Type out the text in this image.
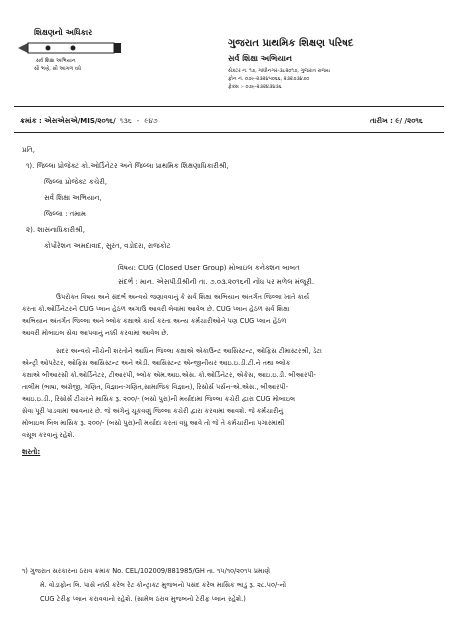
શિક્ષણનો અધિકાર
સર્વ શિક્ષા અભિયાન
સૌ ભણે, સૌ આગળ વધે
ગુજરાત પ્રાથમિક શિક્ષણ પરિષદ
સર્વ શિક્ષા અભિયાન
સેક્ટર નં. ૧૭, ગાંધીનગર-૩૮૨૦૧૭, ગુજરાત રાજ્ય
ફોન નં. ૦૭૯-૨૩૨૪૫૦૬૬, ૨૩૨૭૩૪૭૦
ફેક્સ :- ૦૭૯-૨૩૨૪૩૪૩૬
ક્રમાંક : એસએસએ/MIS/૨૦૧૬/ ૧૩૬ - ૯૪૭	તારીખ : ૯/ /૨૦૧૬
પ્રતિ,
૧). જિલ્લા પ્રોજેક્ટ કો.ઓર્ડિનેટર અને જિલ્લા પ્રાથમિક શિક્ષણાધિકારીશ્રી,
જિલ્લા પ્રોજેક્ટ કચેરી,
સર્વ શિક્ષા અભિયાન,
જિલ્લા : તમામ
૨). શાસનાધિકારીશ્રી,
કોર્પોરેશન અમદાવાદ, સુરત, વડોદરા, રાજકોટ
વિષય: CUG (Closed User Group) મોબાઇલ કનેક્શન બાબત
સંદર્ભ : માન. એસપીડીશ્રીની તા. ૭.૦૩.૨૦૧૬ની નોંધ પર મળેલ મંજૂરી.
ઉપરોક્ત વિષય અને સંદર્ભ અન્વયે જણાવવાનું કે સર્વ શિક્ષા અભિયાન અંતર્ગત જિલ્લા ખાતે કાર્ય
કરતા કો.ઓર્ડિનેટરને CUG પ્લાન હેઠળ અગાઉ આવરી લેવામાં આવેલ છે. CUG પ્લાન હેઠળ સર્વ શિક્ષા
અભિયાન અંતર્ગત જિલ્લા અને બ્લોક કક્ષાએ કાર્ય કરતા અન્ય કર્મચારીઓને પણ CUG પ્લાન હેઠળ
આવરી મોબાઇલ સેવા આપવાનું નક્કી કરવામાં આવેલ છે.
સદર અન્વયે નીચેની શરતોને આધિન જિલ્લા કક્ષાએ એકાઉન્ટ આસિસ્ટન્ટ, ઓફિસ ટીમાસ્ટરશ્રી, ડેટા
એન્ટ્રી ઓપરેટર, ઓફિસ આસિસ્ટન્ટ અને એડી. આસિસ્ટન્ટ એન્જીનીયર આઇ.ઇ.ડી.ટી.ને તથા બ્લોક
કક્ષાએ બીઆરસી કો.ઓર્ડિનેટર, ટીઆરપી, બ્લોક એમ.આઇ.એસ. કો.ઓર્ડિનેટર, એકેસ, આઇ.ઇ.ડી. બીઆરપી-
તાલીમ (ભાષા, અંગ્રેજી, ગણિત, વિજ્ઞાન-ગણિત,સામાજિક વિજ્ઞાન), રિસોર્સ પર્સન-એ.એસ., બીઆરપી-
આઇ.ઇ.ડી., રિસોર્સ ટીચરને માસિક રૂ. ૨૦૦/- (બસો પુરા)ની મર્યાદામાં જિલ્લા કચેરી દ્વારા CUG મોબાઇલ
સેવા પૂરી પાડવામાં આવનાર છે. જે અંગેનું ચૂકવણું જિલ્લા કચેરી દ્વારા કરવામાં આવશે. જે કર્મચારીનું
મોબાઇલ બિલ માસિક રૂ. ૨૦૦/- (બસો પુરા)ની મર્યાદા કરતાં વધુ આવે તો જે તે કર્મચારીના પગારમાંથી
વસૂલ કરવાનું રહેશે.
શરતો:
૧) ગુજરાત સરકારના ઠરાવ ક્રમાંક No. CEL/102009/881985/GH તા. ૧૫/૧૦/૨૦૧૫ પ્રમાણે
મે. વોડાફોન લિ. પાસે નક્કી કરેલ રેટ કોન્ટ્રાક્ટ મુજબનો પસંદ કરેલ માસિક ભાડું રૂ. ૨૮.૫૦/-નો
CUG ટેરીફ પ્લાન કરાવવાનો રહેશે. (સામેલ ઠરાવ મુજબનો ટેરીફ પ્લાન રહેશે.)
